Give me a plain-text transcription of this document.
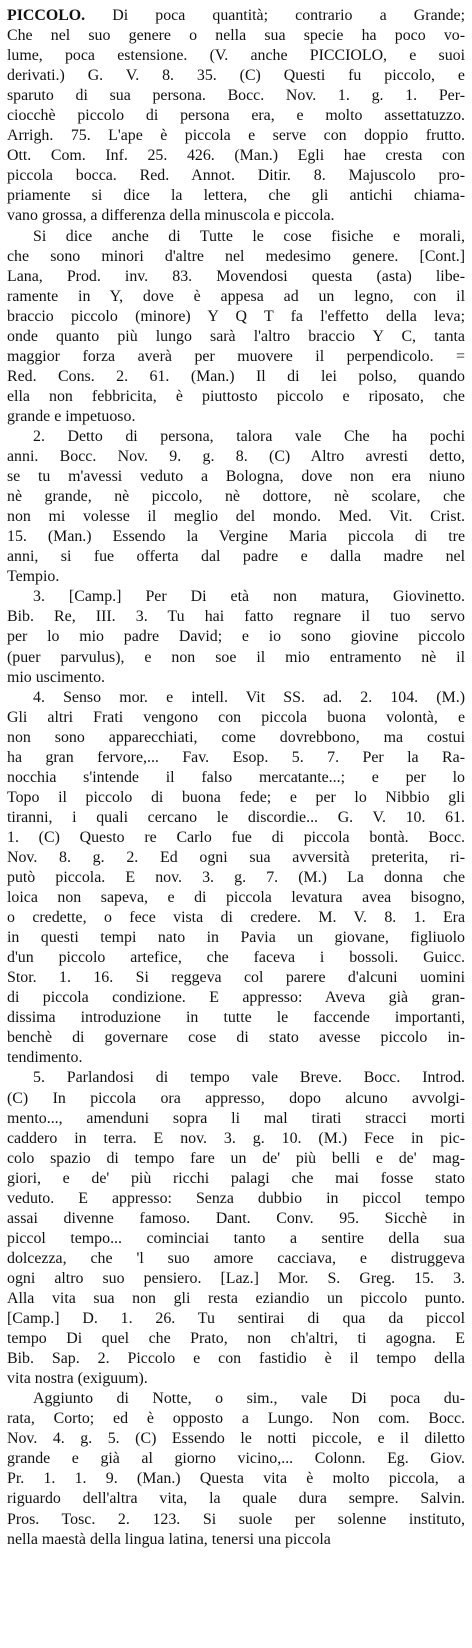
PICCOLO. Di poca quantità; contrario a Grande;
Che nel suo genere o nella sua specie ha poco vo-
lume, poca estensione. (V. anche PICCIOLO, e suoi
derivati.) G. V. 8. 35. (C) Questi fu piccolo, e
sparuto di sua persona. Bocc. Nov. 1. g. 1. Per-
ciocchè piccolo di persona era, e molto assettatuzzo.
Arrigh. 75. L'ape è piccola e serve con doppio frutto.
Ott. Com. Inf. 25. 426. (Man.) Egli hae cresta con
piccola bocca. Red. Annot. Ditir. 8. Majuscolo pro-
priamente si dice la lettera, che gli antichi chiama-
vano grossa, a differenza della minuscola e piccola.
Si dice anche di Tutte le cose fisiche e morali,
che sono minori d'altre nel medesimo genere. [Cont.]
Lana, Prod. inv. 83. Movendosi questa (asta) libe-
ramente in Y, dove è appesa ad un legno, con il
braccio piccolo (minore) Y Q T fa l'effetto della leva;
onde quanto più lungo sarà l'altro braccio Y C, tanta
maggior forza averà per muovere il perpendicolo. =
Red. Cons. 2. 61. (Man.) Il di lei polso, quando
ella non febbricita, è piuttosto piccolo e riposato, che
grande e impetuoso.
2. Detto di persona, talora vale Che ha pochi
anni. Bocc. Nov. 9. g. 8. (C) Altro avresti detto,
se tu m'avessi veduto a Bologna, dove non era niuno
nè grande, nè piccolo, nè dottore, nè scolare, che
non mi volesse il meglio del mondo. Med. Vit. Crist.
15. (Man.) Essendo la Vergine Maria piccola di tre
anni, si fue offerta dal padre e dalla madre nel
Tempio.
3. [Camp.] Per Di età non matura, Giovinetto.
Bib. Re, III. 3. Tu hai fatto regnare il tuo servo
per lo mio padre David; e io sono giovine piccolo
(puer parvulus), e non soe il mio entramento nè il
mio uscimento.
4. Senso mor. e intell. Vit SS. ad. 2. 104. (M.)
Gli altri Frati vengono con piccola buona volontà, e
non sono apparecchiati, come dovrebbono, ma costui
ha gran fervore,... Fav. Esop. 5. 7. Per la Ra-
nocchia s'intende il falso mercatante...; e per lo
Topo il piccolo di buona fede; e per lo Nibbio gli
tiranni, i quali cercano le discordie... G. V. 10. 61.
1. (C) Questo re Carlo fue di piccola bontà. Bocc.
Nov. 8. g. 2. Ed ogni sua avversità preterita, ri-
putò piccola. E nov. 3. g. 7. (M.) La donna che
loica non sapeva, e di piccola levatura avea bisogno,
o credette, o fece vista di credere. M. V. 8. 1. Era
in questi tempi nato in Pavia un giovane, figliuolo
d'un piccolo artefice, che faceva i bossoli. Guicc.
Stor. 1. 16. Si reggeva col parere d'alcuni uomini
di piccola condizione. E appresso: Aveva già gran-
dissima introduzione in tutte le faccende importanti,
benchè di governare cose di stato avesse piccolo in-
tendimento.
5. Parlandosi di tempo vale Breve. Bocc. Introd.
(C) In piccola ora appresso, dopo alcuno avvolgi-
mento..., amenduni sopra li mal tirati stracci morti
caddero in terra. E nov. 3. g. 10. (M.) Fece in pic-
colo spazio di tempo fare un de' più belli e de' mag-
giori, e de' più ricchi palagi che mai fosse stato
veduto. E appresso: Senza dubbio in piccol tempo
assai divenne famoso. Dant. Conv. 95. Sicchè in
piccol tempo... cominciai tanto a sentire della sua
dolcezza, che 'l suo amore cacciava, e distruggeva
ogni altro suo pensiero. [Laz.] Mor. S. Greg. 15. 3.
Alla vita sua non gli resta eziandio un piccolo punto.
[Camp.] D. 1. 26. Tu sentirai di qua da piccol
tempo Di quel che Prato, non ch'altri, ti agogna. E
Bib. Sap. 2. Piccolo e con fastidio è il tempo della
vita nostra (exiguum).
Aggiunto di Notte, o sim., vale Di poca du-
rata, Corto; ed è opposto a Lungo. Non com. Bocc.
Nov. 4. g. 5. (C) Essendo le notti piccole, e il diletto
grande e già al giorno vicino,... Colonn. Eg. Giov.
Pr. 1. 1. 9. (Man.) Questa vita è molto piccola, a
riguardo dell'altra vita, la quale dura sempre. Salvin.
Pros. Tosc. 2. 123. Si suole per solenne instituto,
nella maestà della lingua latina, tenersi una piccola
